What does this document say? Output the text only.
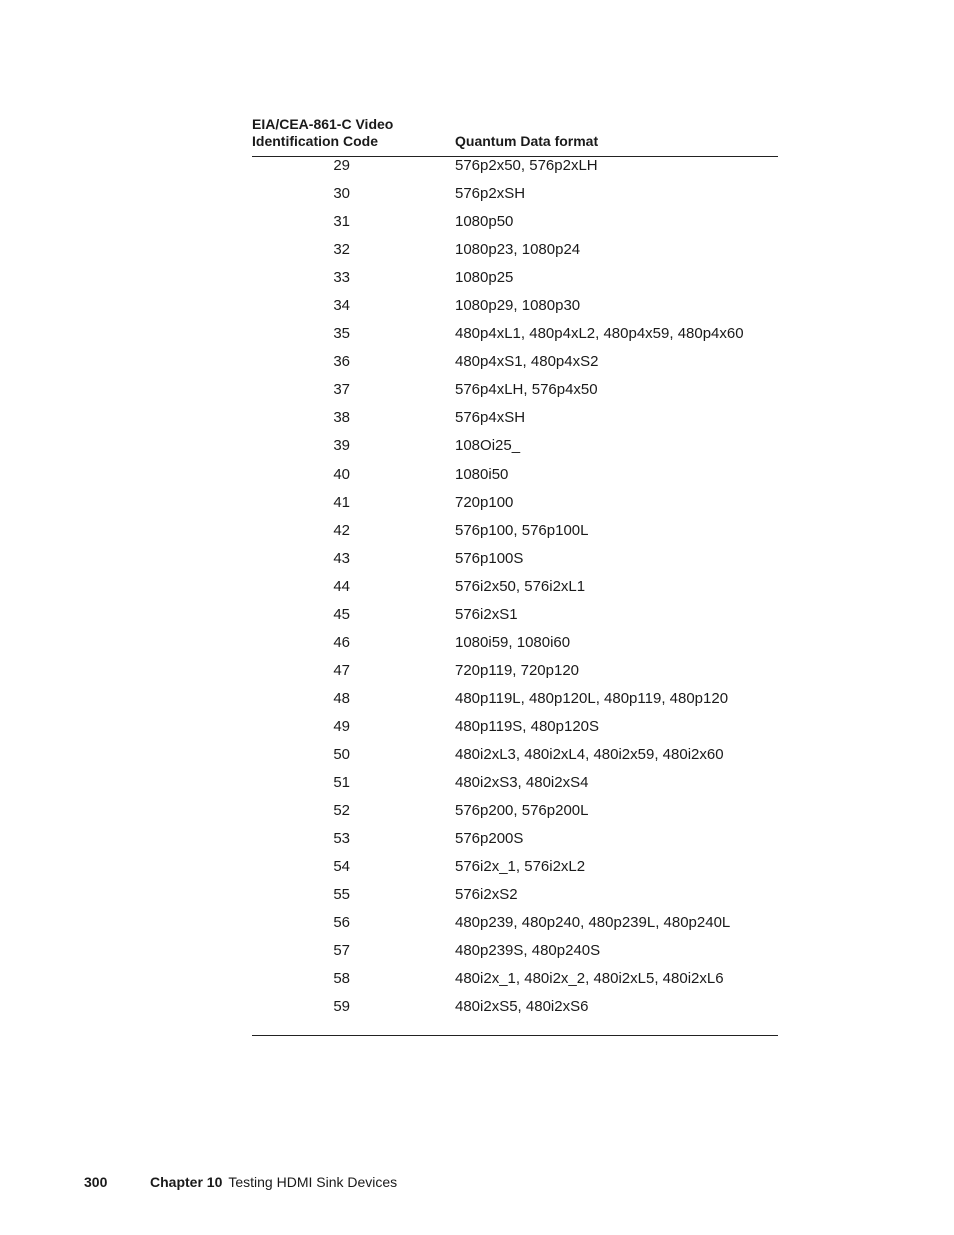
EIA/CEA-861-C Video
Identification Code	Quantum Data format
29	576p2x50, 576p2xLH
30	576p2xSH
31	1080p50
32	1080p23, 1080p24
33	1080p25
34	1080p29, 1080p30
35	480p4xL1, 480p4xL2, 480p4x59, 480p4x60
36	480p4xS1, 480p4xS2
37	576p4xLH, 576p4x50
38	576p4xSH
39	108Oi25_
40	1080i50
41	720p100
42	576p100, 576p100L
43	576p100S
44	576i2x50, 576i2xL1
45	576i2xS1
46	1080i59, 1080i60
47	720p119, 720p120
48	480p119L, 480p120L, 480p119, 480p120
49	480p119S, 480p120S
50	480i2xL3, 480i2xL4, 480i2x59, 480i2x60
51	480i2xS3, 480i2xS4
52	576p200, 576p200L
53	576p200S
54	576i2x_1, 576i2xL2
55	576i2xS2
56	480p239, 480p240, 480p239L, 480p240L
57	480p239S, 480p240S
58	480i2x_1, 480i2x_2, 480i2xL5, 480i2xL6
59	480i2xS5, 480i2xS6
300	Chapter 10 Testing HDMI Sink Devices
